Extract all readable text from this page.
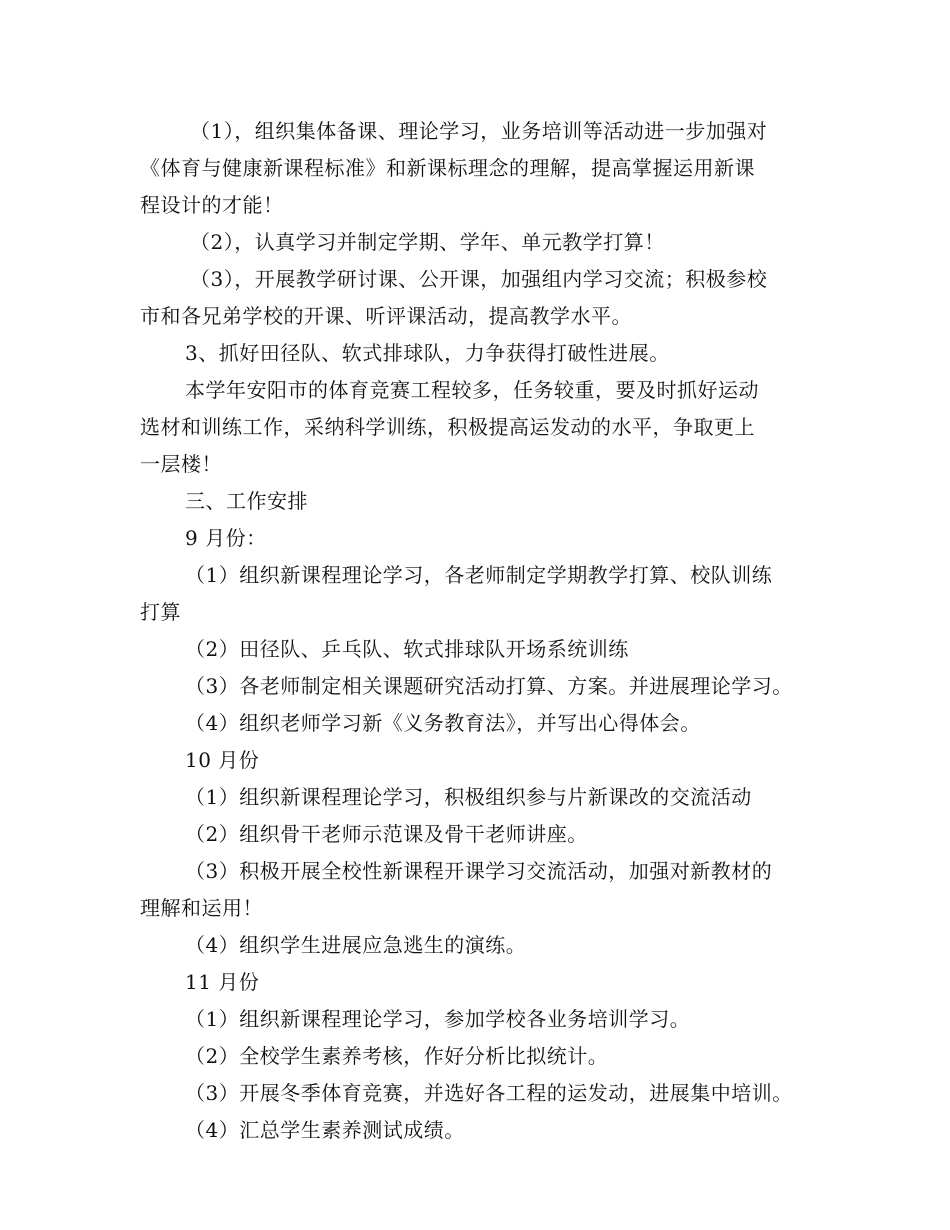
（1），组织集体备课、理论学习，业务培训等活动进一步加强对
《体育与健康新课程标准》和新课标理念的理解，提高掌握运用新课
程设计的才能！
（2），认真学习并制定学期、学年、单元教学打算！
（3），开展教学研讨课、公开课，加强组内学习交流；积极参校
市和各兄弟学校的开课、听评课活动，提高教学水平。
3、抓好田径队、软式排球队，力争获得打破性进展。
本学年安阳市的体育竞赛工程较多，任务较重，要及时抓好运动
选材和训练工作，采纳科学训练，积极提高运发动的水平，争取更上
一层楼！
三、工作安排
9 月份：
（1）组织新课程理论学习，各老师制定学期教学打算、校队训练
打算
（2）田径队、乒乓队、软式排球队开场系统训练
（3）各老师制定相关课题研究活动打算、方案。并进展理论学习。
（4）组织老师学习新《义务教育法》，并写出心得体会。
10 月份
（1）组织新课程理论学习，积极组织参与片新课改的交流活动
（2）组织骨干老师示范课及骨干老师讲座。
（3）积极开展全校性新课程开课学习交流活动，加强对新教材的
理解和运用！
（4）组织学生进展应急逃生的演练。
11 月份
（1）组织新课程理论学习，参加学校各业务培训学习。
（2）全校学生素养考核，作好分析比拟统计。
（3）开展冬季体育竞赛，并选好各工程的运发动，进展集中培训。
（4）汇总学生素养测试成绩。
